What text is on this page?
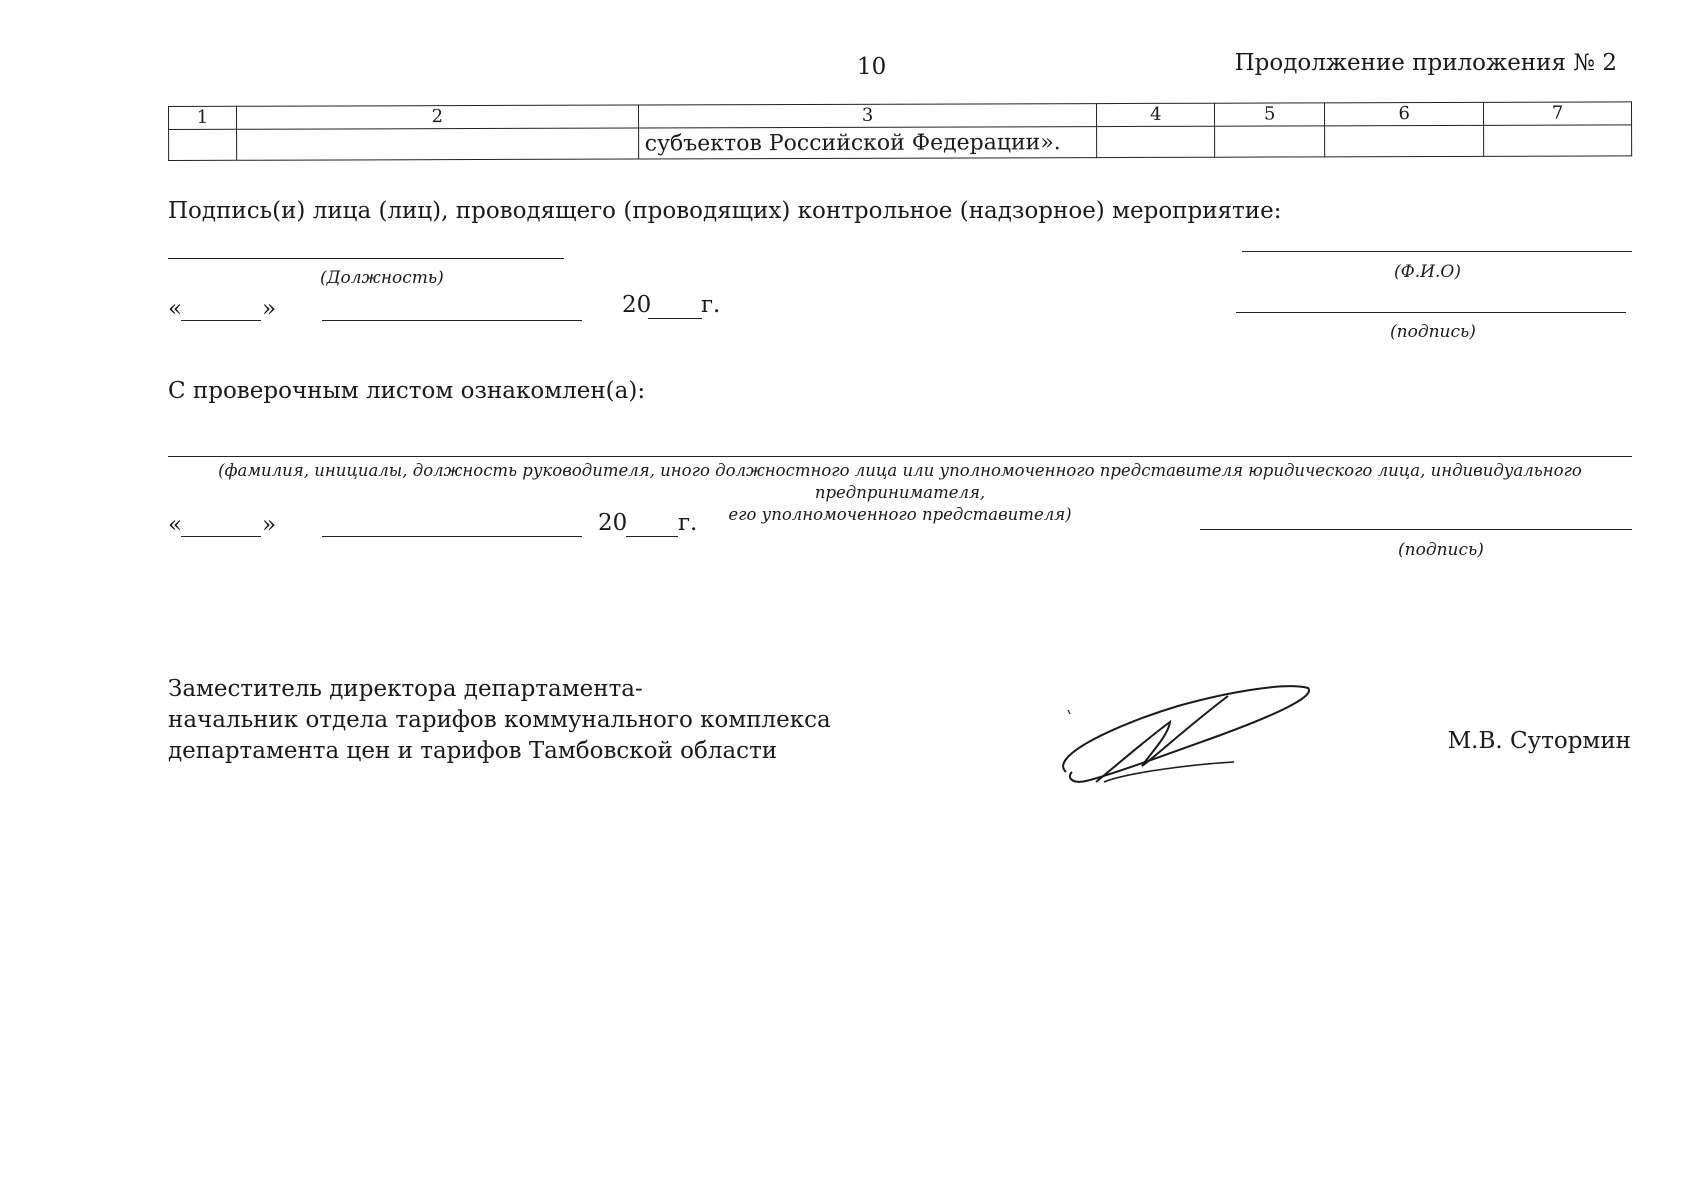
10	Продолжение приложения № 2
1	2	3	4	5	6	7
		субъектов Российской Федерации».				
Подпись(и) лица (лиц), проводящего (проводящих) контрольное (надзорное) мероприятие:
(Должность)	(Ф.И.О)
«	»	20 г.
(подпись)
С проверочным листом ознакомлен(а):
(фамилия, инициалы, должность руководителя, иного должностного лица или уполномоченного представителя юридического лица, индивидуального предпринимателя,
его уполномоченного представителя)
«	»	20 г.
(подпись)
Заместитель директора департамента-
начальник отдела тарифов коммунального комплекса
департамента цен и тарифов Тамбовской области	М.В. Сутормин
